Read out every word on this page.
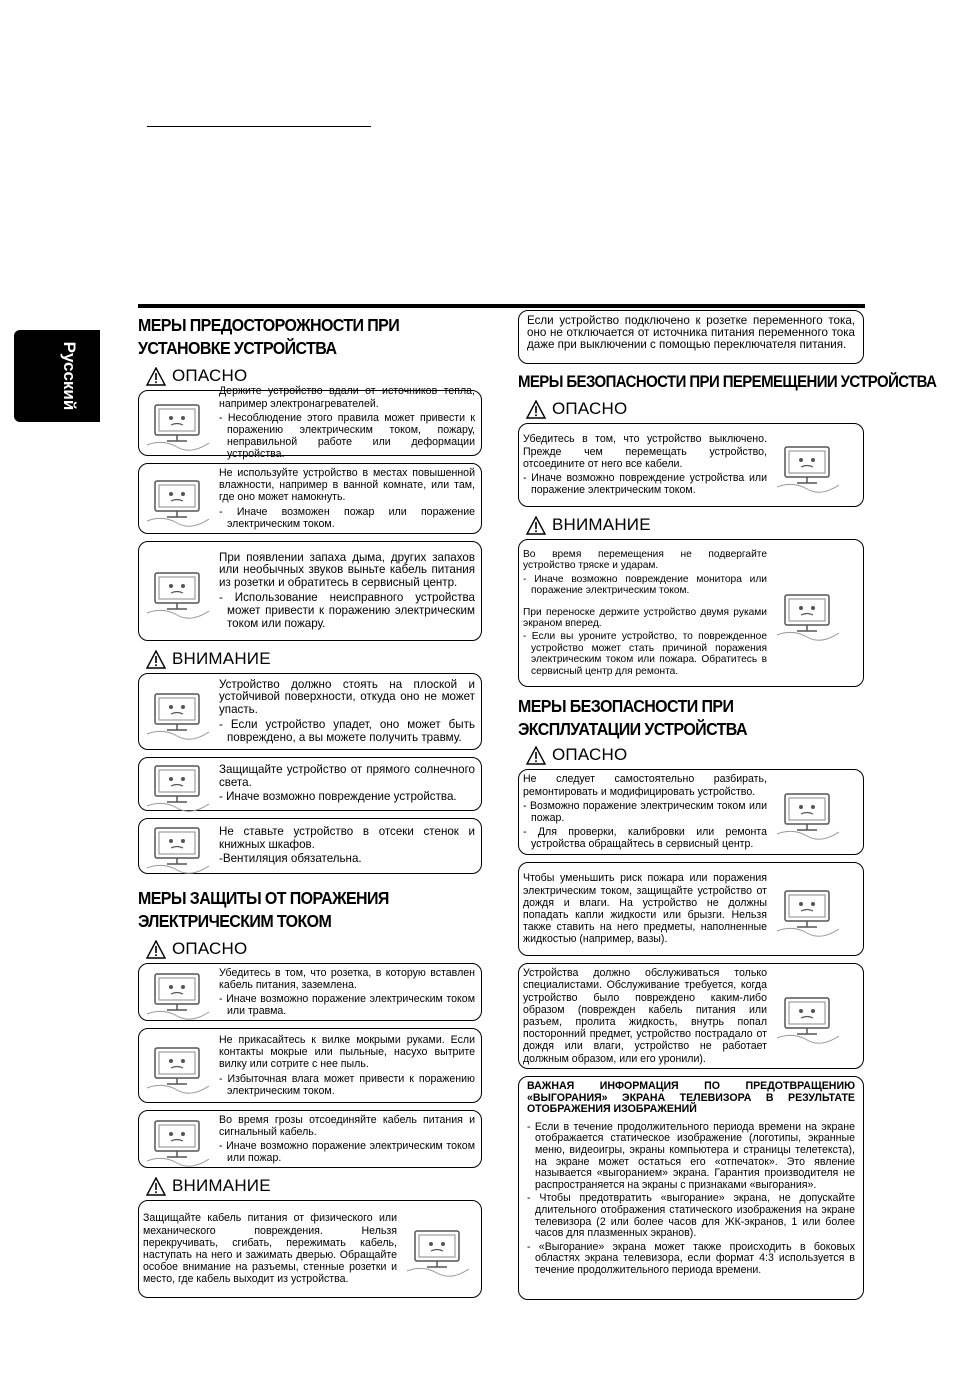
Русский
МЕРЫ ПРЕДОСТОРОЖНОСТИ ПРИ УСТАНОВКЕ УСТРОЙСТВА
ОПАСНО

Держите устройство вдали от источников тепла, например электронагревателей.

- Несоблюдение этого правила может привести к поражению электрическим током, пожару, неправильной работе или деформации устройства.

Не используйте устройство в местах повышенной влажности, например в ванной комнате, или там, где оно может намокнуть.

- Иначе возможен пожар или поражение электрическим током.

При появлении запаха дыма, других запахов или необычных звуков выньте кабель питания из розетки и обратитесь в сервисный центр.

- Использование неисправного устройства может привести к поражению электрическим током или пожару.

ВНИМАНИЕ

Устройство должно стоять на плоской и устойчивой поверхности, откуда оно не может упасть.

- Если устройство упадет, оно может быть повреждено, а вы можете получить травму.

Защищайте устройство от прямого солнечного света.

- Иначе возможно повреждение устройства.

Не ставьте устройство в отсеки стенок и книжных шкафов.

-Вентиляция обязательна.

МЕРЫ ЗАЩИТЫ ОТ ПОРАЖЕНИЯ ЭЛЕКТРИЧЕСКИМ ТОКОМ
ОПАСНО

Убедитесь в том, что розетка, в которую вставлен кабель питания, заземлена.

- Иначе возможно поражение электрическим током или травма.

Не прикасайтесь к вилке мокрыми руками. Если контакты мокрые или пыльные, насухо вытрите вилку или сотрите с нее пыль.

- Избыточная влага может привести к поражению электрическим током.

Во время грозы отсоединяйте кабель питания и сигнальный кабель.

- Иначе возможно поражение электрическим током или пожар.

ВНИМАНИЕ

Защищайте кабель питания от физического или механического повреждения. Нельзя перекручивать, сгибать, пережимать кабель, наступать на него и зажимать дверью. Обращайте особое внимание на разъемы, стенные розетки и место, где кабель выходит из устройства.

Если устройство подключено к розетке переменного тока, оно не отключается от источника питания переменного тока даже при выключении с помощью переключателя питания.

МЕРЫ БЕЗОПАСНОСТИ ПРИ ПЕРЕМЕЩЕНИИ УСТРОЙСТВА
ОПАСНО

Убедитесь в том, что устройство выключено. Прежде чем перемещать устройство, отсоедините от него все кабели.

- Иначе возможно повреждение устройства или поражение электрическим током.

ВНИМАНИЕ

Во время перемещения не подвергайте устройство тряске и ударам.

- Иначе возможно повреждение монитора или поражение электрическим током.

При переноске держите устройство двумя руками экраном вперед.

- Если вы уроните устройство, то поврежденное устройство может стать причиной поражения электрическим током или пожара. Обратитесь в сервисный центр для ремонта.

МЕРЫ БЕЗОПАСНОСТИ ПРИ ЭКСПЛУАТАЦИИ УСТРОЙСТВА
ОПАСНО

Не следует самостоятельно разбирать, ремонтировать и модифицировать устройство.

- Возможно поражение электрическим током или пожар.

- Для проверки, калибровки или ремонта устройства обращайтесь в сервисный центр.

Чтобы уменьшить риск пожара или поражения электрическим током, защищайте устройство от дождя и влаги. На устройство не должны попадать капли жидкости или брызги. Нельзя также ставить на него предметы, наполненные жидкостью (например, вазы).

Устройства должно обслуживаться только специалистами. Обслуживание требуется, когда устройство было повреждено каким-либо образом (поврежден кабель питания или разъем, пролита жидкость, внутрь попал посторонний предмет, устройство пострадало от дождя или влаги, устройство не работает должным образом, или его уронили).

ВАЖНАЯ ИНФОРМАЦИЯ ПО ПРЕДОТВРАЩЕНИЮ «ВЫГОРАНИЯ» ЭКРАНА ТЕЛЕВИЗОРА В РЕЗУЛЬТАТЕ ОТОБРАЖЕНИЯ ИЗОБРАЖЕНИЙ

- Если в течение продолжительного периода времени на экране отображается статическое изображение (логотипы, экранные меню, видеоигры, экраны компьютера и страницы телетекста), на экране может остаться его «отпечаток». Это явление называется «выгоранием» экрана. Гарантия производителя не распространяется на экраны с признаками «выгорания».

- Чтобы предотвратить «выгорание» экрана, не допускайте длительного отображения статического изображения на экране телевизора (2 или более часов для ЖК-экранов, 1 или более часов для плазменных экранов).

- «Выгорание» экрана может также происходить в боковых областях экрана телевизора, если формат 4:3 используется в течение продолжительного периода времени.
